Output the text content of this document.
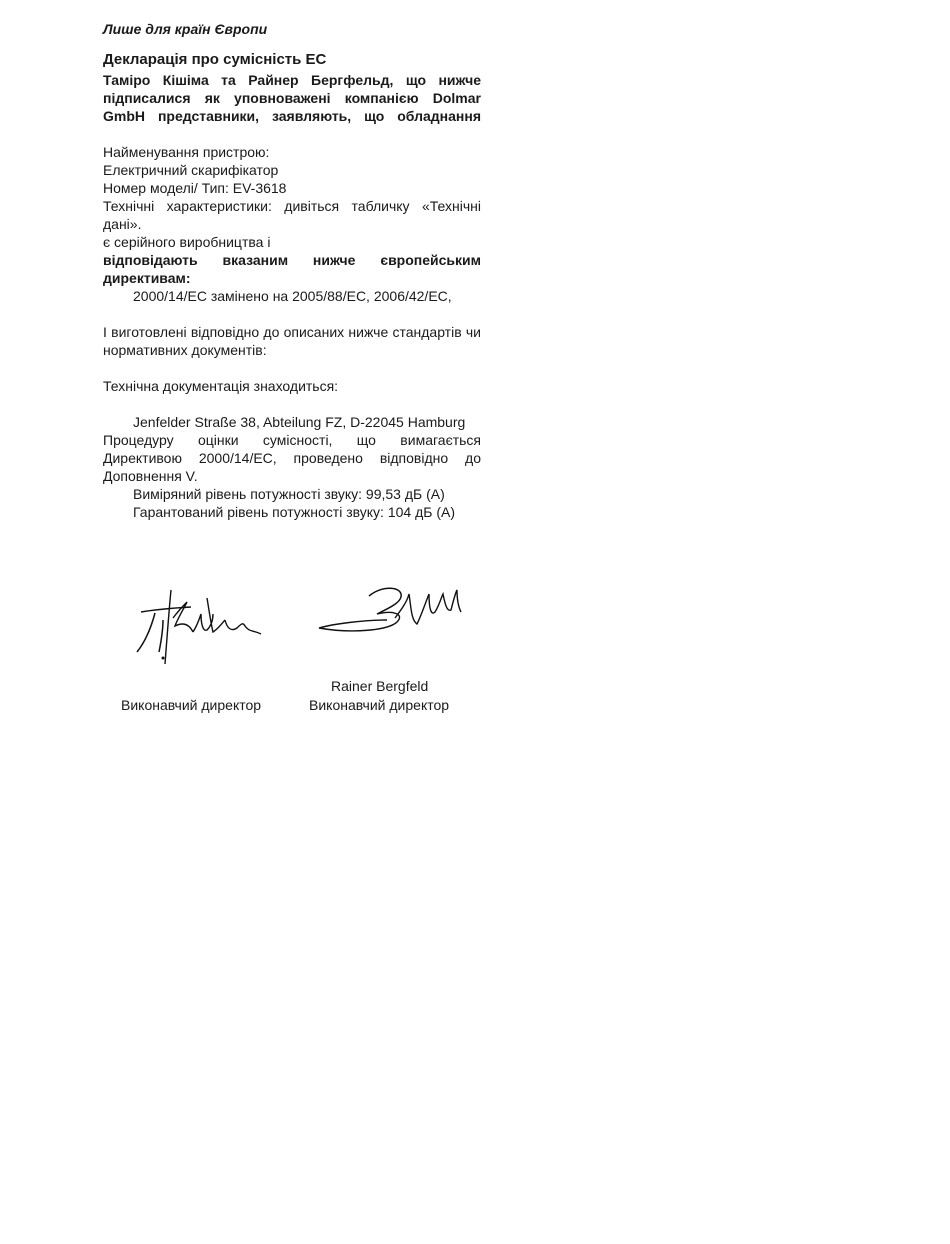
Лише для країн Європи

Декларація про сумісність ЕС

Таміро Кішіма та Райнер Бергфельд, що нижче підписалися як уповноважені компанією Dolmar GmbH представники, заявляють, що обладнання

Найменування пристрою:

Електричний скарифікатор

Номер моделі/ Тип: EV-3618

Технічні характеристики: дивіться табличку «Технічні дані».

є серійного виробництва і

відповідають вказаним нижче європейським директивам:

2000/14/EC замінено на 2005/88/EC, 2006/42/EC,

І виготовлені відповідно до описаних нижче стандартів чи нормативних документів:

Технічна документація знаходиться:

Jenfelder Straße 38, Abteilung FZ, D-22045 Hamburg

Процедуру оцінки сумісності, що вимагається Директивою 2000/14/ЕС, проведено відповідно до Доповнення V.

Виміряний рівень потужності звуку: 99,53 дБ (A)

Гарантований рівень потужності звуку: 104 дБ (A)

Rainer Bergfeld
Виконавчий директор	Виконавчий директор
